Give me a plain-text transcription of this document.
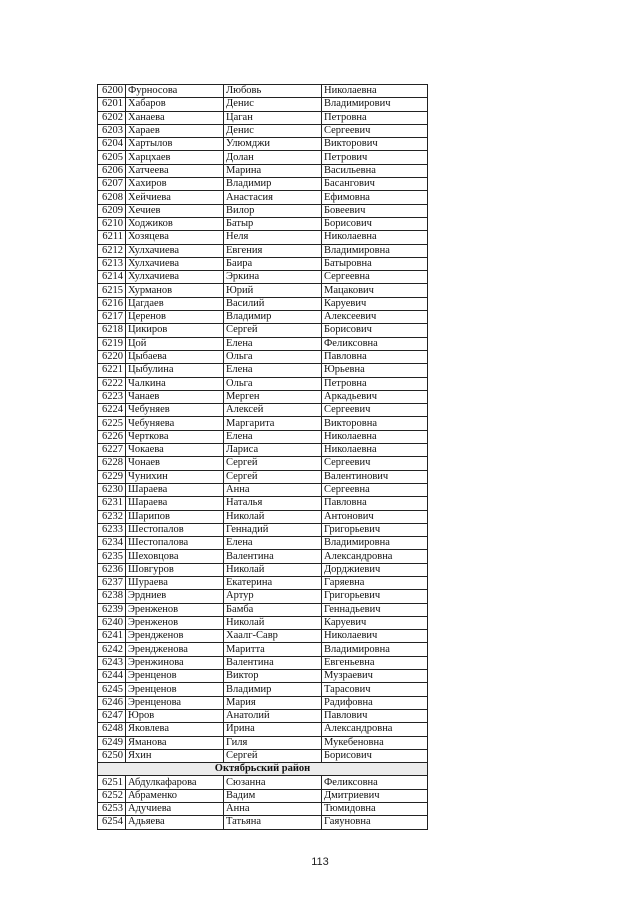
6200	Фурносова	Любовь	Николаевна
6201	Хабаров	Денис	Владимирович
6202	Ханаева	Цаган	Петровна
6203	Хараев	Денис	Сергеевич
6204	Хартылов	Улюмджи	Викторович
6205	Харцхаев	Долан	Петрович
6206	Хатчеева	Марина	Васильевна
6207	Хахиров	Владимир	Басангович
6208	Хейчиева	Анастасия	Ефимовна
6209	Хечиев	Вилор	Бовеевич
6210	Ходжиков	Батыр	Борисович
6211	Хозяцева	Неля	Николаевна
6212	Хулхачиева	Евгения	Владимировна
6213	Хулхачиева	Баира	Батыровна
6214	Хулхачиева	Эркина	Сергеевна
6215	Хурманов	Юрий	Мацакович
6216	Цагдаев	Василий	Каруевич
6217	Церенов	Владимир	Алексеевич
6218	Цикиров	Сергей	Борисович
6219	Цой	Елена	Феликсовна
6220	Цыбаева	Ольга	Павловна
6221	Цыбулина	Елена	Юрьевна
6222	Чалкина	Ольга	Петровна
6223	Чанаев	Мерген	Аркадьевич
6224	Чебуняев	Алексей	Сергеевич
6225	Чебуняева	Маргарита	Викторовна
6226	Черткова	Елена	Николаевна
6227	Чокаева	Лариса	Николаевна
6228	Чонаев	Сергей	Сергеевич
6229	Чунихин	Сергей	Валентинович
6230	Шараева	Анна	Сергеевна
6231	Шараева	Наталья	Павловна
6232	Шарипов	Николай	Антонович
6233	Шестопалов	Геннадий	Григорьевич
6234	Шестопалова	Елена	Владимировна
6235	Шеховцова	Валентина	Александровна
6236	Шовгуров	Николай	Дорджиевич
6237	Шураева	Екатерина	Гаряевна
6238	Эрдниев	Артур	Григорьевич
6239	Эренженов	Бамба	Геннадьевич
6240	Эренженов	Николай	Каруевич
6241	Эрендженов	Хаалг-Савр	Николаевич
6242	Эрендженова	Маритта	Владимировна
6243	Эренжинова	Валентина	Евгеньевна
6244	Эренценов	Виктор	Музраевич
6245	Эренценов	Владимир	Тарасович
6246	Эренценова	Мария	Радифовна
6247	Юров	Анатолий	Павлович
6248	Яковлева	Ирина	Александровна
6249	Яманова	Гиля	Мукебеновна
6250	Яхин	Сергей	Борисович
Октябрьский район			
6251	Абдулкафарова	Сюзанна	Феликсовна
6252	Абраменко	Вадим	Дмитриевич
6253	Адучиева	Анна	Тюмидовна
6254	Адьяева	Татьяна	Гаяуновна
113
